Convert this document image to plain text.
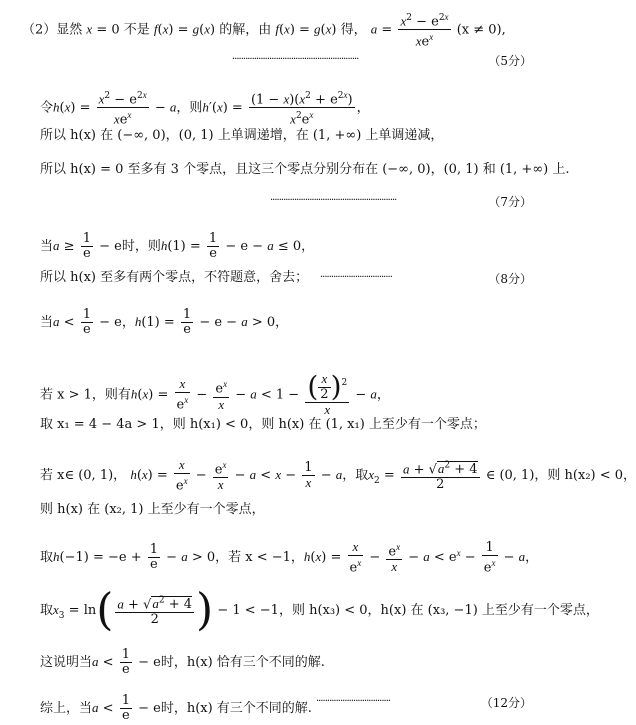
（2）显然 x = 0 不是 f(x) = g(x) 的解，由 f(x) = g(x) 得， a =
$x^2 - e^{2x}$
$xe^x$	(x ≠ 0),
··························································	（5分）
令h(x) =
$x^2 - e^{2x}$
$xe^x$	− a，则$h'(x) = \frac{(1 - x)(x^2 + e^{2x})}{x^2e^x}$ ，
所以 h(x) 在 (−∞, 0)，(0, 1) 上单调递增，在 (1, +∞) 上单调递减，
所以 h(x) = 0 至多有 3 个零点，且这三个零点分别分布在 (−∞, 0)，(0, 1) 和 (1, +∞) 上.
··························································	（7分）
当$a \ge \frac{1}{e} - e$时，则$h(1) = \frac{1}{e} - e - a \le 0$，
所以 h(x) 至多有两个零点，不符题意，舍去； ·································	（8分）
当$a < \frac{1}{e} - e$，$h(1) = \frac{1}{e} - e - a > 0$，
若 x > 1，则有$h(x) = \frac{x}{e^x} - \frac{e^x}{x} - a < 1 - \frac{( \frac{x}{2} )^2}{x} - a$，
取 x₁ = 4 − 4a > 1，则 h(x₁) < 0，则 h(x) 在 (1, x₁) 上至少有一个零点；
若 x∈ (0, 1)， $h(x) = \frac{x}{e^x} - \frac{e^x}{x} - a < x - \frac{1}{x} - a$，取$x_2 = \frac{a + √a^2 + 4}{2}$ ∈ (0, 1)，则 h(x₂) < 0，
则 h(x) 在 (x₂, 1) 上至少有一个零点，
取$h(-1) = -e + \frac{1}{e} - a > 0$，若 x < −1，$h(x) = \frac{x}{e^x} - \frac{e^x}{x} - a < e^x - \frac{1}{e^x} - a$，
取$x_3 = \ln( \frac{a + √a^2 + 4}{2}$ ) − 1 < −1，则 h(x₃) < 0，h(x) 在 (x₃, −1) 上至少有一个零点，
这说明当$a < \frac{1}{e} - e$时，h(x) 恰有三个不同的解.
综上，当$a < \frac{1}{e} - e$时，h(x) 有三个不同的解. ··································	（12分）
